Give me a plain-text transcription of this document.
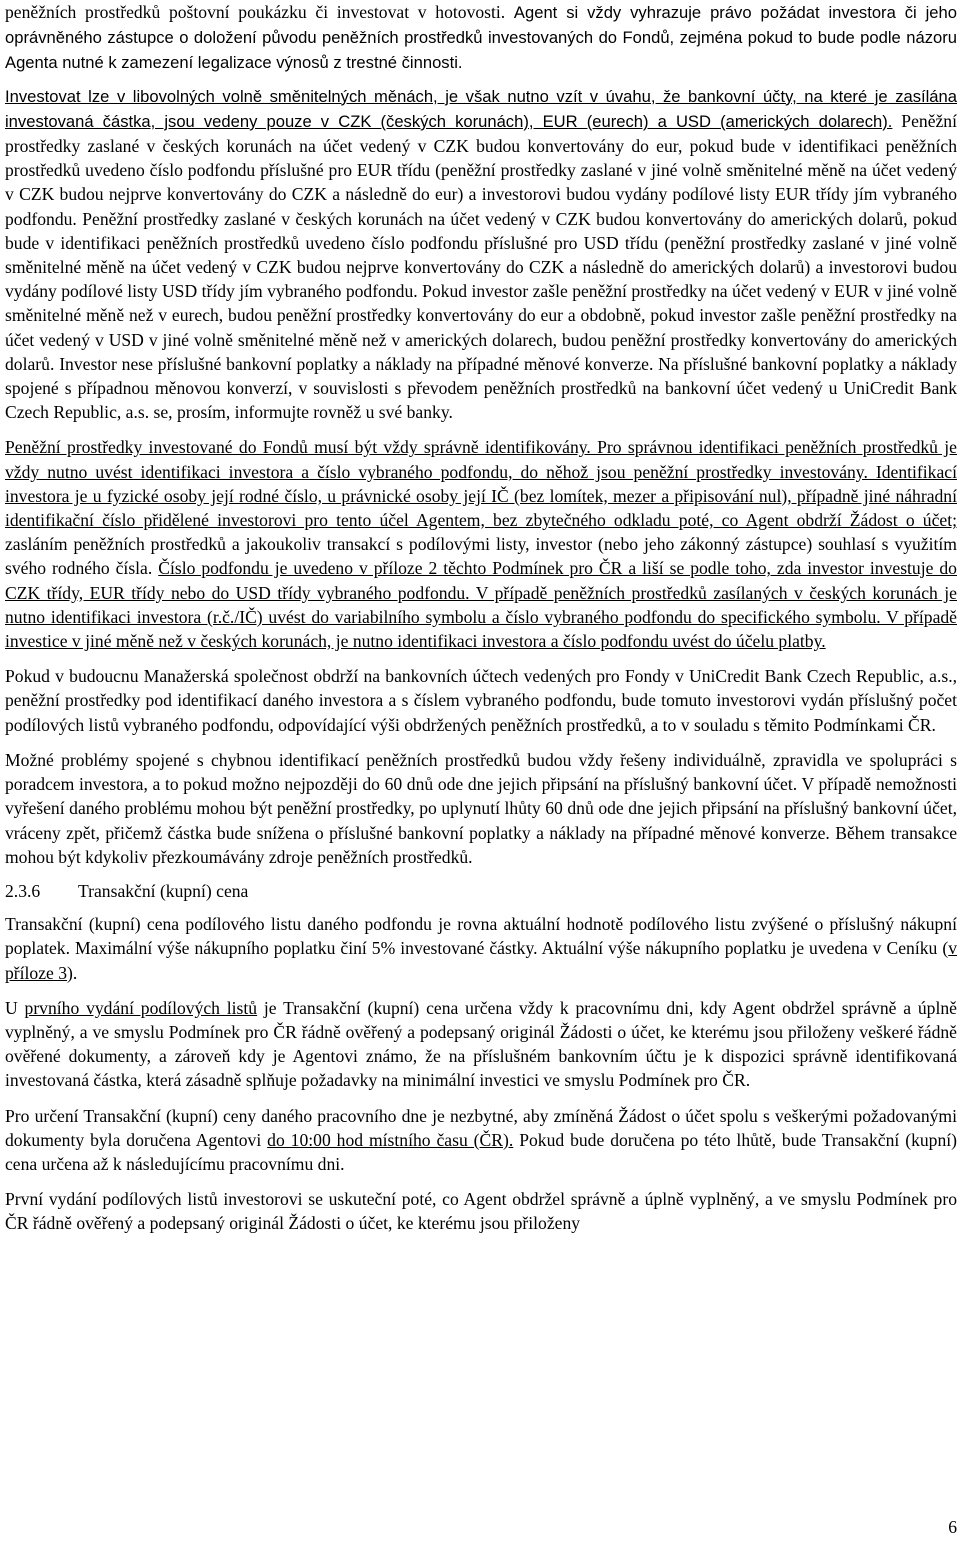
peněžních prostředků poštovní poukázku či investovat v hotovosti. Agent si vždy vyhrazuje právo požádat investora či jeho oprávněného zástupce o doložení původu peněžních prostředků investovaných do Fondů, zejména pokud to bude podle názoru Agenta nutné k zamezení legalizace výnosů z trestné činnosti.

Investovat lze v libovolných volně směnitelných měnách, je však nutno vzít v úvahu, že bankovní účty, na které je zasílána investovaná částka, jsou vedeny pouze v CZK (českých korunách), EUR (eurech) a USD (amerických dolarech). Peněžní prostředky zaslané v českých korunách na účet vedený v CZK budou konvertovány do eur, pokud bude v identifikaci peněžních prostředků uvedeno číslo podfondu příslušné pro EUR třídu (peněžní prostředky zaslané v jiné volně směnitelné měně na účet vedený v CZK budou nejprve konvertovány do CZK a následně do eur) a investorovi budou vydány podílové listy EUR třídy jím vybraného podfondu. Peněžní prostředky zaslané v českých korunách na účet vedený v CZK budou konvertovány do amerických dolarů, pokud bude v identifikaci peněžních prostředků uvedeno číslo podfondu příslušné pro USD třídu (peněžní prostředky zaslané v jiné volně směnitelné měně na účet vedený v CZK budou nejprve konvertovány do CZK a následně do amerických dolarů) a investorovi budou vydány podílové listy USD třídy jím vybraného podfondu. Pokud investor zašle peněžní prostředky na účet vedený v EUR v jiné volně směnitelné měně než v eurech, budou peněžní prostředky konvertovány do eur a obdobně, pokud investor zašle peněžní prostředky na účet vedený v USD v jiné volně směnitelné měně než v amerických dolarech, budou peněžní prostředky konvertovány do amerických dolarů. Investor nese příslušné bankovní poplatky a náklady na případné měnové konverze. Na příslušné bankovní poplatky a náklady spojené s případnou měnovou konverzí, v souvislosti s převodem peněžních prostředků na bankovní účet vedený u UniCredit Bank Czech Republic, a.s. se, prosím, informujte rovněž u své banky.

Peněžní prostředky investované do Fondů musí být vždy správně identifikovány. Pro správnou identifikaci peněžních prostředků je vždy nutno uvést identifikaci investora a číslo vybraného podfondu, do něhož jsou peněžní prostředky investovány. Identifikací investora je u fyzické osoby její rodné číslo, u právnické osoby její IČ (bez lomítek, mezer a připisování nul), případně jiné náhradní identifikační číslo přidělené investorovi pro tento účel Agentem, bez zbytečného odkladu poté, co Agent obdrží Žádost o účet; zasláním peněžních prostředků a jakoukoliv transakcí s podílovými listy, investor (nebo jeho zákonný zástupce) souhlasí s využitím svého rodného čísla. Číslo podfondu je uvedeno v příloze 2 těchto Podmínek pro ČR a liší se podle toho, zda investor investuje do CZK třídy, EUR třídy nebo do USD třídy vybraného podfondu. V případě peněžních prostředků zasílaných v českých korunách je nutno identifikaci investora (r.č./IČ) uvést do variabilního symbolu a číslo vybraného podfondu do specifického symbolu. V případě investice v jiné měně než v českých korunách, je nutno identifikaci investora a číslo podfondu uvést do účelu platby.

Pokud v budoucnu Manažerská společnost obdrží na bankovních účtech vedených pro Fondy v UniCredit Bank Czech Republic, a.s., peněžní prostředky pod identifikací daného investora a s číslem vybraného podfondu, bude tomuto investorovi vydán příslušný počet podílových listů vybraného podfondu, odpovídající výši obdržených peněžních prostředků, a to v souladu s těmito Podmínkami ČR.

Možné problémy spojené s chybnou identifikací peněžních prostředků budou vždy řešeny individuálně, zpravidla ve spolupráci s poradcem investora, a to pokud možno nejpozději do 60 dnů ode dne jejich připsání na příslušný bankovní účet. V případě nemožnosti vyřešení daného problému mohou být peněžní prostředky, po uplynutí lhůty 60 dnů ode dne jejich připsání na příslušný bankovní účet, vráceny zpět, přičemž částka bude snížena o příslušné bankovní poplatky a náklady na případné měnové konverze. Během transakce mohou být kdykoliv přezkoumávány zdroje peněžních prostředků.

2.3.6 Transakční (kupní) cena

Transakční (kupní) cena podílového listu daného podfondu je rovna aktuální hodnotě podílového listu zvýšené o příslušný nákupní poplatek. Maximální výše nákupního poplatku činí 5% investované částky. Aktuální výše nákupního poplatku je uvedena v Ceníku (v příloze 3).

U prvního vydání podílových listů je Transakční (kupní) cena určena vždy k pracovnímu dni, kdy Agent obdržel správně a úplně vyplněný, a ve smyslu Podmínek pro ČR řádně ověřený a podepsaný originál Žádosti o účet, ke kterému jsou přiloženy veškeré řádně ověřené dokumenty, a zároveň kdy je Agentovi známo, že na příslušném bankovním účtu je k dispozici správně identifikovaná investovaná částka, která zásadně splňuje požadavky na minimální investici ve smyslu Podmínek pro ČR.

Pro určení Transakční (kupní) ceny daného pracovního dne je nezbytné, aby zmíněná Žádost o účet spolu s veškerými požadovanými dokumenty byla doručena Agentovi do 10:00 hod místního času (ČR). Pokud bude doručena po této lhůtě, bude Transakční (kupní) cena určena až k následujícímu pracovnímu dni.

První vydání podílových listů investorovi se uskuteční poté, co Agent obdržel správně a úplně vyplněný, a ve smyslu Podmínek pro ČR řádně ověřený a podepsaný originál Žádosti o účet, ke kterému jsou přiloženy

6
